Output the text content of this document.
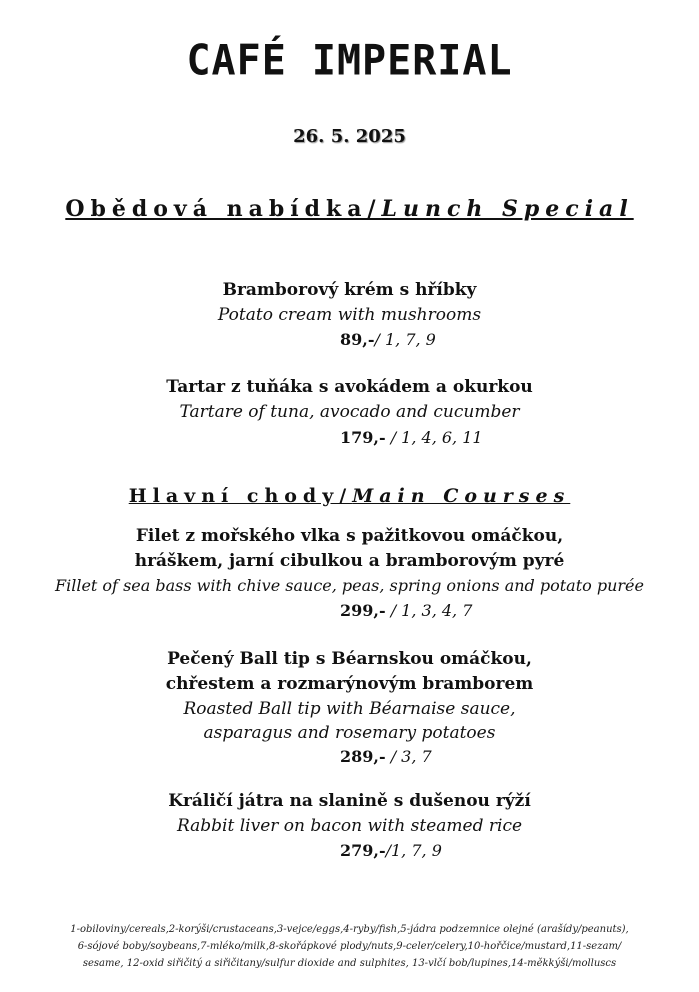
CAFÉ IMPERIAL
26. 5. 2025
Obědová nabídka/Lunch Special
Bramborový krém s hříbky
Potato cream with mushrooms
89,-/ 1, 7, 9
Tartar z tuňáka s avokádem a okurkou
Tartare of tuna, avocado and cucumber
179,- / 1, 4, 6, 11
Hlavní chody/Main Courses
Filet z mořského vlka s pažitkovou omáčkou,
hráškem, jarní cibulkou a bramborovým pyré
Fillet of sea bass with chive sauce, peas, spring onions and potato purée
299,- / 1, 3, 4, 7
Pečený Ball tip s Béarnskou omáčkou,
chřestem a rozmarýnovým bramborem
Roasted Ball tip with Béarnaise sauce,
asparagus and rosemary potatoes
289,- / 3, 7
Králičí játra na slanině s dušenou rýží
Rabbit liver on bacon with steamed rice
279,-/1, 7, 9
1-obiloviny/cereals,2-korýši/crustaceans,3-vejce/eggs,4-ryby/fish,5-jádra podzemnice olejné (arašídy/peanuts),
6-sójové boby/soybeans,7-mléko/milk,8-skořápkové plody/nuts,9-celer/celery,10-hořčice/mustard,11-sezam/
sesame, 12-oxid siřičitý a siřičitany/sulfur dioxide and sulphites, 13-vlčí bob/lupines,14-měkkýši/molluscs
